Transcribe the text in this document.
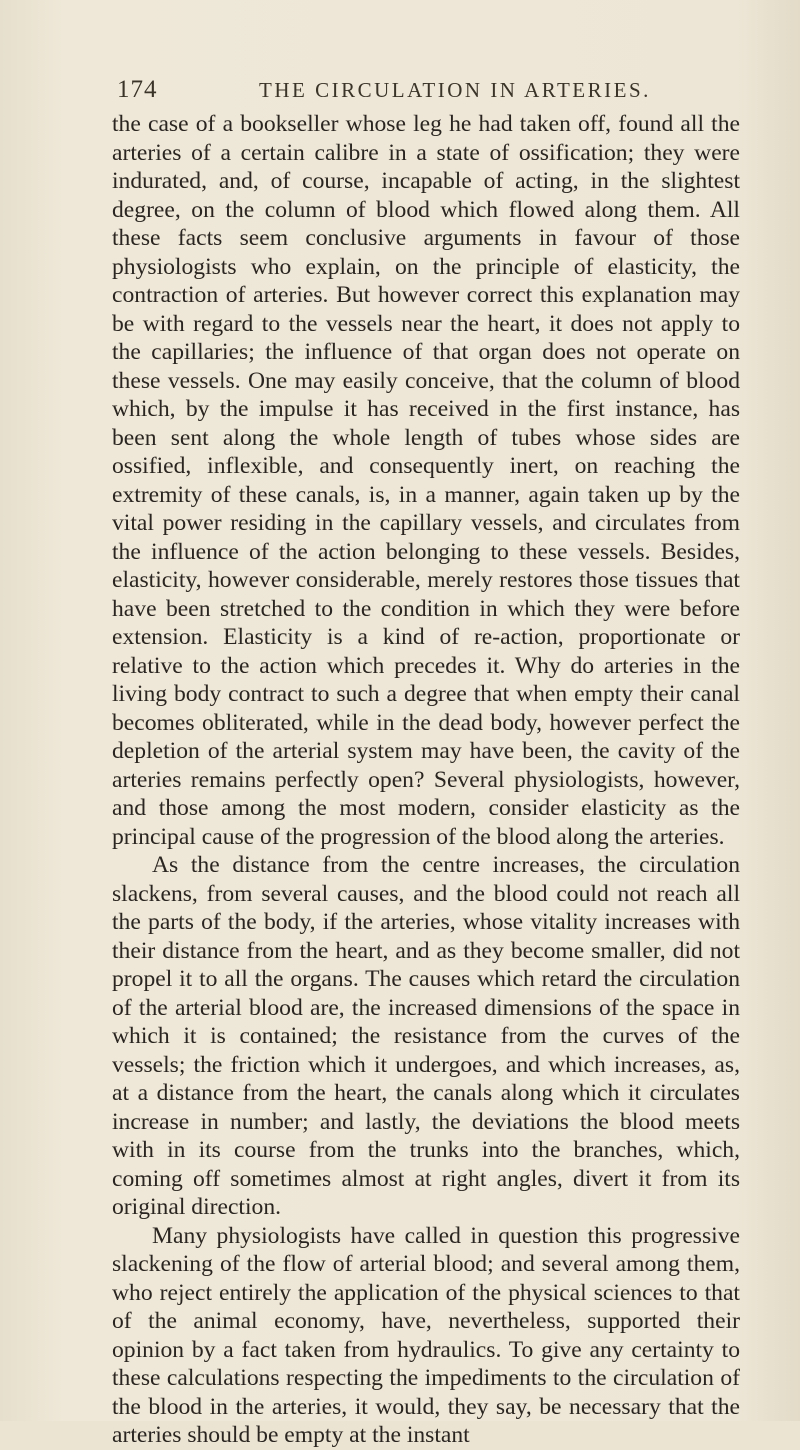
174	THE CIRCULATION IN ARTERIES.

the case of a bookseller whose leg he had taken off, found all the arteries of a certain calibre in a state of ossification; they were indurated, and, of course, incapable of acting, in the slightest degree, on the column of blood which flowed along them. All these facts seem conclusive arguments in favour of those physiologists who explain, on the principle of elasticity, the contraction of arteries. But however correct this explanation may be with regard to the vessels near the heart, it does not apply to the capillaries; the influence of that organ does not operate on these vessels. One may easily conceive, that the column of blood which, by the impulse it has received in the first instance, has been sent along the whole length of tubes whose sides are ossified, inflexible, and consequently inert, on reaching the extremity of these canals, is, in a manner, again taken up by the vital power residing in the capillary vessels, and circulates from the influence of the action belonging to these vessels. Besides, elasticity, however considerable, merely restores those tissues that have been stretched to the condition in which they were before extension. Elasticity is a kind of re-action, proportionate or relative to the action which precedes it. Why do arteries in the living body contract to such a degree that when empty their canal becomes obliterated, while in the dead body, however perfect the depletion of the arterial system may have been, the cavity of the arteries remains perfectly open? Several physiologists, however, and those among the most modern, consider elasticity as the principal cause of the progression of the blood along the arteries.

As the distance from the centre increases, the circulation slackens, from several causes, and the blood could not reach all the parts of the body, if the arteries, whose vitality increases with their distance from the heart, and as they become smaller, did not propel it to all the organs. The causes which retard the circulation of the arterial blood are, the increased dimensions of the space in which it is contained; the resistance from the curves of the vessels; the friction which it undergoes, and which increases, as, at a distance from the heart, the canals along which it circulates increase in number; and lastly, the deviations the blood meets with in its course from the trunks into the branches, which, coming off sometimes almost at right angles, divert it from its original direction.

Many physiologists have called in question this progressive slackening of the flow of arterial blood; and several among them, who reject entirely the application of the physical sciences to that of the animal economy, have, nevertheless, supported their opinion by a fact taken from hydraulics. To give any certainty to these calculations respecting the impediments to the circulation of the blood in the arteries, it would, they say, be necessary that the arteries should be empty at the instant
